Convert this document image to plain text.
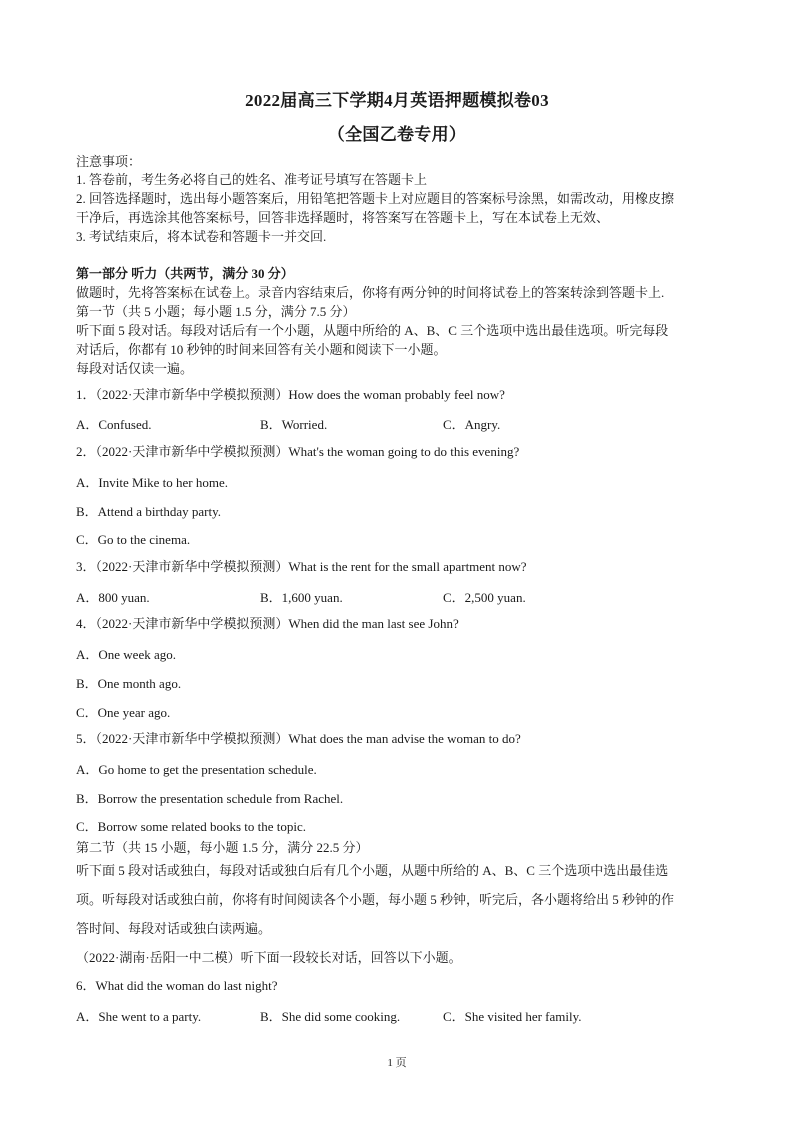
2022届高三下学期4月英语押题模拟卷03
（全国乙卷专用）
注意事项：
1. 答卷前，考生务必将自己的姓名、准考证号填写在答题卡上
2. 回答选择题时，选出每小题答案后，用铅笔把答题卡上对应题目的答案标号涂黑，如需改动，用橡皮擦
干净后，再选涂其他答案标号，回答非选择题时，将答案写在答题卡上，写在本试卷上无效、
3. 考试结束后，将本试卷和答题卡一并交回.
第一部分 听力（共两节，满分 30 分）
做题时，先将答案标在试卷上。录音内容结束后，你将有两分钟的时间将试卷上的答案转涂到答题卡上.
第一节（共 5 小题；每小题 1.5 分，满分 7.5 分）
听下面 5 段对话。每段对话后有一个小题，从题中所给的 A、B、C 三个选项中选出最佳选项。听完每段
对话后，你都有 10 秒钟的时间来回答有关小题和阅读下一小题。
每段对话仅读一遍。
1．（2022·天津市新华中学模拟预测）How does the woman probably feel now?
A．Confused.	B．Worried.	C．Angry.
2．（2022·天津市新华中学模拟预测）What's the woman going to do this evening?
A．Invite Mike to her home.
B．Attend a birthday party.
C．Go to the cinema.
3．（2022·天津市新华中学模拟预测）What is the rent for the small apartment now?
A．800 yuan.	B．1,600 yuan.	C．2,500 yuan.
4．（2022·天津市新华中学模拟预测）When did the man last see John?
A．One week ago.
B．One month ago.
C．One year ago.
5．（2022·天津市新华中学模拟预测）What does the man advise the woman to do?
A．Go home to get the presentation schedule.
B．Borrow the presentation schedule from Rachel.
C．Borrow some related books to the topic.
第二节（共 15 小题，每小题 1.5 分，满分 22.5 分）
听下面 5 段对话或独白，每段对话或独白后有几个小题，从题中所给的 A、B、C 三个选项中选出最佳选
项。听每段对话或独白前，你将有时间阅读各个小题，每小题 5 秒钟，听完后，各小题将给出 5 秒钟的作
答时间、每段对话或独白读两遍。
（2022·湖南·岳阳一中二模）听下面一段较长对话，回答以下小题。
6．What did the woman do last night?
A．She went to a party.	B．She did some cooking.	C．She visited her family.
1 页
